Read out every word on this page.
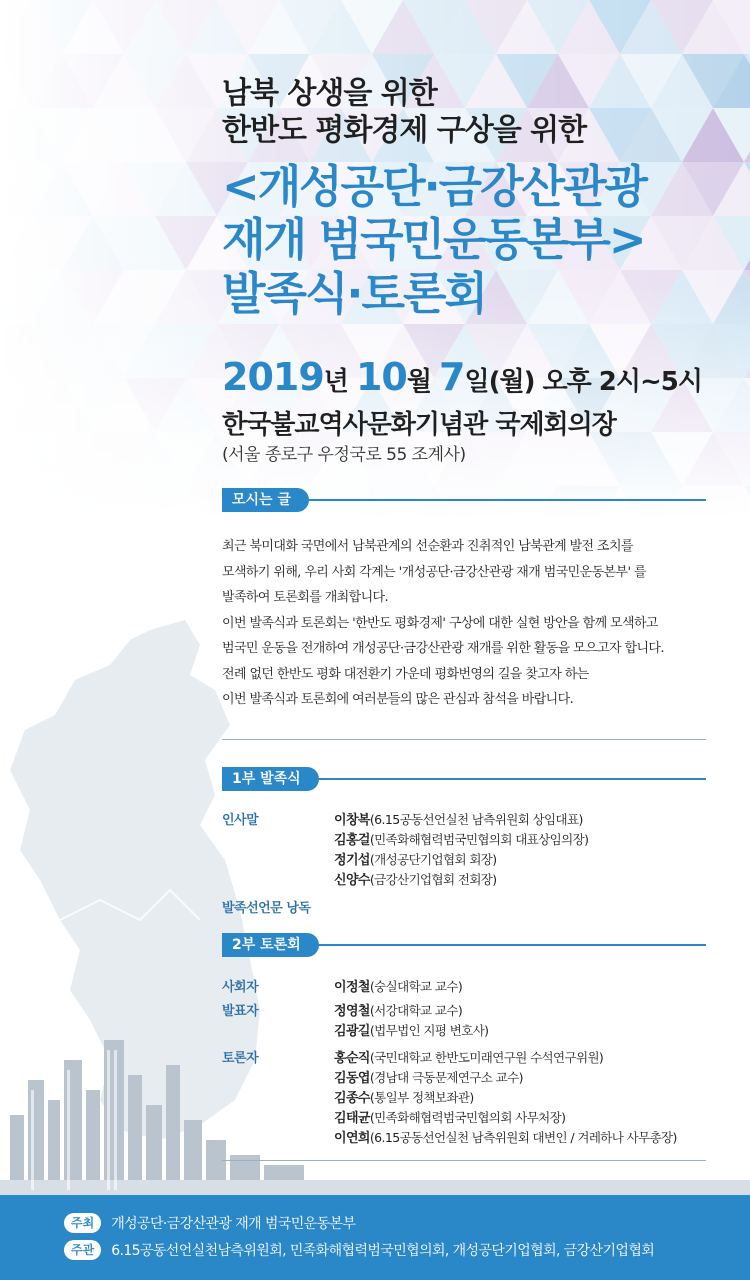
남북 상생을 위한
한반도 평화경제 구상을 위한
<개성공단·금강산관광
재개 범국민운동본부>
발족식·토론회
2019년 10월 7일(월) 오후 2시~5시
한국불교역사문화기념관 국제회의장
(서울 종로구 우정국로 55 조계사)
모시는 글

최근 북미대화 국면에서 남북관계의 선순환과 진취적인 남북관계 발전 조치를

모색하기 위해, 우리 사회 각계는 '개성공단·금강산관광 재개 범국민운동본부' 를

발족하여 토론회를 개최합니다.

이번 발족식과 토론회는 '한반도 평화경제' 구상에 대한 실현 방안을 함께 모색하고

범국민 운동을 전개하여 개성공단·금강산관광 재개를 위한 활동을 모으고자 합니다.

전례 없던 한반도 평화 대전환기 가운데 평화번영의 길을 찾고자 하는

이번 발족식과 토론회에 여러분들의 많은 관심과 참석을 바랍니다.

1부 발족식
인사말	이창복(6.15공동선언실천 남측위원회 상임대표)
김홍걸(민족화해협력범국민협의회 대표상임의장)
정기섭(개성공단기업협회 회장)
신양수(금강산기업협회 전회장)
발족선언문 낭독
2부 토론회
사회자	이정철(숭실대학교 교수)
발표자	정영철(서강대학교 교수)
김광길(법무법인 지평 변호사)
토론자	홍순직(국민대학교 한반도미래연구원 수석연구위원)
김동엽(경남대 극동문제연구소 교수)
김종수(통일부 정책보좌관)
김태균(민족화해협력범국민협의회 사무처장)
이연희(6.15공동선언실천 남측위원회 대변인 / 겨레하나 사무총장)
주최 개성공단·금강산관광 재개 범국민운동본부
주관 6.15공동선언실천남측위원회, 민족화해협력범국민협의회, 개성공단기업협회, 금강산기업협회
